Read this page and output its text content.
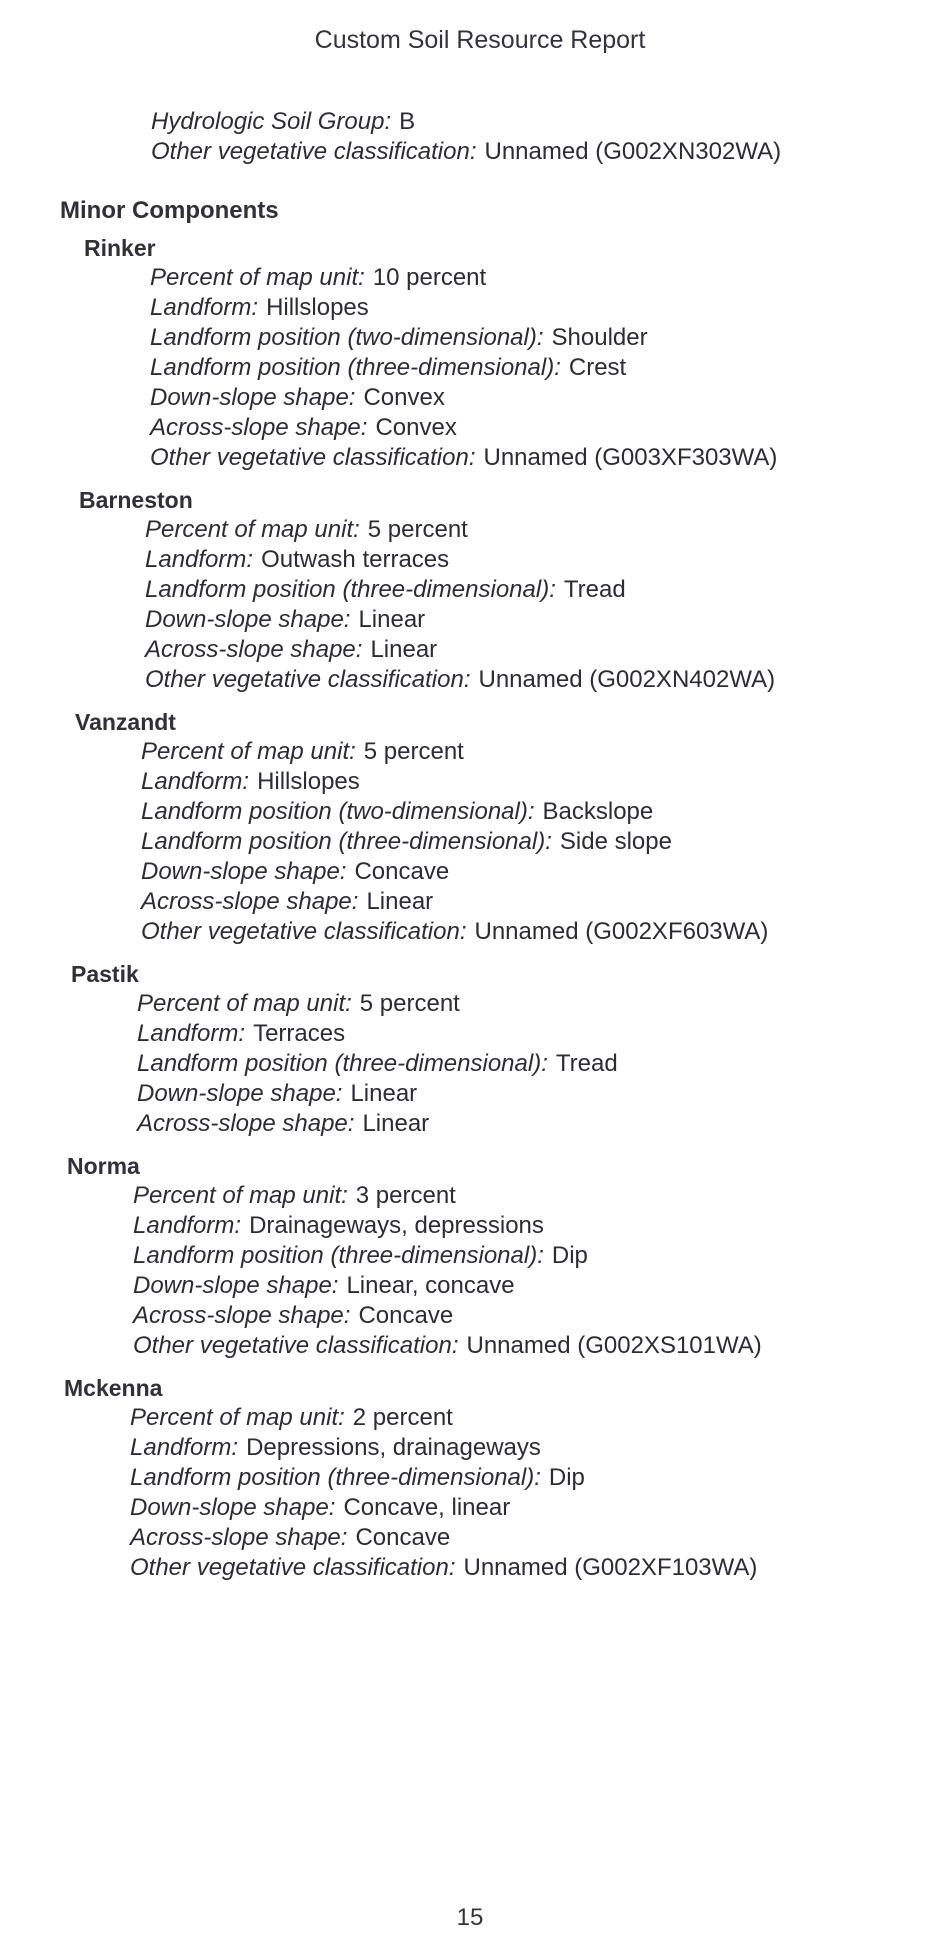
Custom Soil Resource Report
Hydrologic Soil Group: B
Other vegetative classification: Unnamed (G002XN302WA)
Minor Components
Rinker
Percent of map unit: 10 percent
Landform: Hillslopes
Landform position (two-dimensional): Shoulder
Landform position (three-dimensional): Crest
Down-slope shape: Convex
Across-slope shape: Convex
Other vegetative classification: Unnamed (G003XF303WA)
Barneston
Percent of map unit: 5 percent
Landform: Outwash terraces
Landform position (three-dimensional): Tread
Down-slope shape: Linear
Across-slope shape: Linear
Other vegetative classification: Unnamed (G002XN402WA)
Vanzandt
Percent of map unit: 5 percent
Landform: Hillslopes
Landform position (two-dimensional): Backslope
Landform position (three-dimensional): Side slope
Down-slope shape: Concave
Across-slope shape: Linear
Other vegetative classification: Unnamed (G002XF603WA)
Pastik
Percent of map unit: 5 percent
Landform: Terraces
Landform position (three-dimensional): Tread
Down-slope shape: Linear
Across-slope shape: Linear
Norma
Percent of map unit: 3 percent
Landform: Drainageways, depressions
Landform position (three-dimensional): Dip
Down-slope shape: Linear, concave
Across-slope shape: Concave
Other vegetative classification: Unnamed (G002XS101WA)
Mckenna
Percent of map unit: 2 percent
Landform: Depressions, drainageways
Landform position (three-dimensional): Dip
Down-slope shape: Concave, linear
Across-slope shape: Concave
Other vegetative classification: Unnamed (G002XF103WA)
15
